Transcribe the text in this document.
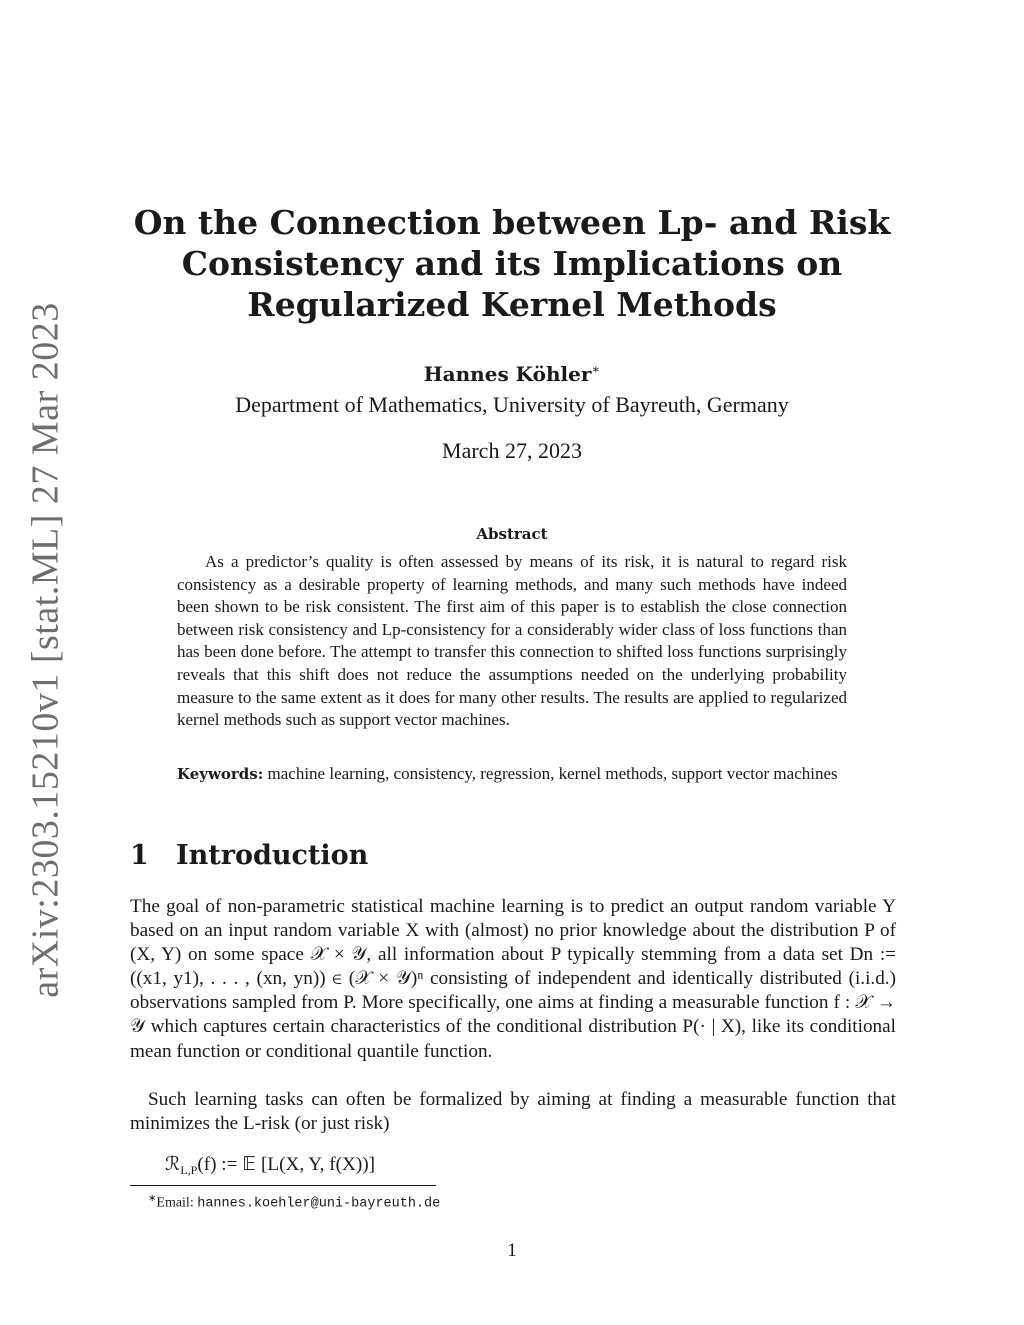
arXiv:2303.15210v1 [stat.ML] 27 Mar 2023
On the Connection between Lp- and Risk Consistency and its Implications on Regularized Kernel Methods

Hannes Köhler∗

Department of Mathematics, University of Bayreuth, Germany

March 27, 2023

Abstract

As a predictor’s quality is often assessed by means of its risk, it is natural to regard risk consistency as a desirable property of learning methods, and many such methods have indeed been shown to be risk consistent. The first aim of this paper is to establish the close connection between risk consistency and Lp-consistency for a considerably wider class of loss functions than has been done before. The attempt to transfer this connection to shifted loss functions surprisingly reveals that this shift does not reduce the assumptions needed on the underlying probability measure to the same extent as it does for many other results. The results are applied to regularized kernel methods such as support vector machines.

Keywords: machine learning, consistency, regression, kernel methods, support vector machines

1 Introduction

The goal of non-parametric statistical machine learning is to predict an output random variable Y based on an input random variable X with (almost) no prior knowledge about the distribution P of (X, Y) on some space 𝒳 × 𝒴, all information about P typically stemming from a data set Dn := ((x1, y1), . . . , (xn, yn)) ∈ (𝒳 × 𝒴)ⁿ consisting of independent and identically distributed (i.i.d.) observations sampled from P. More specifically, one aims at finding a measurable function f : 𝒳 → 𝒴 which captures certain characteristics of the conditional distribution P(· | X), like its conditional mean function or conditional quantile function.

Such learning tasks can often be formalized by aiming at finding a measurable function that minimizes the L-risk (or just risk)

ℛ$_{L,P}$(f) := 𝔼 [L(X, Y, f(X))]

∗Email: hannes.koehler@uni-bayreuth.de

1
